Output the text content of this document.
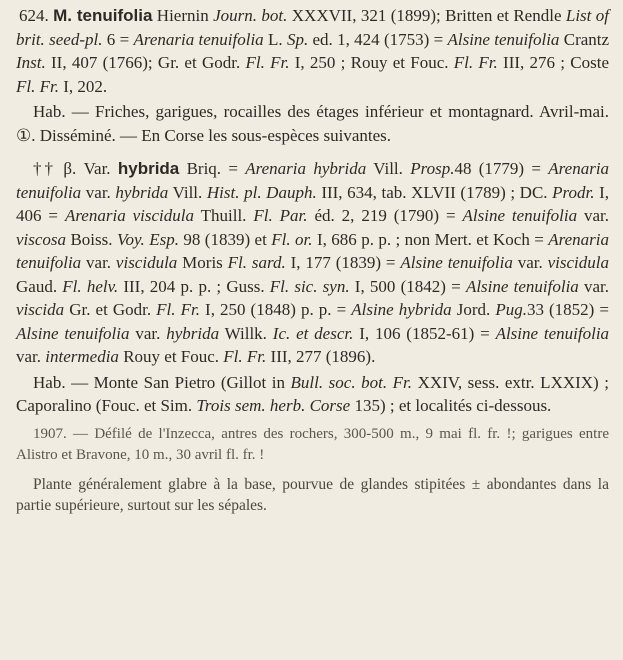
624. M. tenuifolia Hiernin Journ. bot. XXXVII, 321 (1899); Britten et Rendle List of brit. seed-pl. 6 = Arenaria tenuifolia L. Sp. ed. 1, 424 (1753) = Alsine tenuifolia Crantz Inst. II, 407 (1766); Gr. et Godr. Fl. Fr. I, 250 ; Rouy et Fouc. Fl. Fr. III, 276 ; Coste Fl. Fr. I, 202.

Hab. — Friches, garigues, rocailles des étages inférieur et montagnard. Avril-mai. ①. Disséminé. — En Corse les sous-espèces suivantes.

†† β. Var. hybrida Briq. = Arenaria hybrida Vill. Prosp.48 (1779) = Arenaria tenuifolia var. hybrida Vill. Hist. pl. Dauph. III, 634, tab. XLVII (1789) ; DC. Prodr. I, 406 = Arenaria viscidula Thuill. Fl. Par. éd. 2, 219 (1790) = Alsine tenuifolia var. viscosa Boiss. Voy. Esp. 98 (1839) et Fl. or. I, 686 p. p. ; non Mert. et Koch = Arenaria tenuifolia var. viscidula Moris Fl. sard. I, 177 (1839) = Alsine tenuifolia var. viscidula Gaud. Fl. helv. III, 204 p. p. ; Guss. Fl. sic. syn. I, 500 (1842) = Alsine tenuifolia var. viscida Gr. et Godr. Fl. Fr. I, 250 (1848) p. p. = Alsine hybrida Jord. Pug.33 (1852) = Alsine tenuifolia var. hybrida Willk. Ic. et descr. I, 106 (1852-61) = Alsine tenuifolia var. intermedia Rouy et Fouc. Fl. Fr. III, 277 (1896).

Hab. — Monte San Pietro (Gillot in Bull. soc. bot. Fr. XXIV, sess. extr. LXXIX) ; Caporalino (Fouc. et Sim. Trois sem. herb. Corse 135) ; et localités ci-dessous.

1907. — Défilé de l'Inzecca, antres des rochers, 300-500 m., 9 mai fl. fr. !; garigues entre Alistro et Bravone, 10 m., 30 avril fl. fr. !

Plante généralement glabre à la base, pourvue de glandes stipitées ± abondantes dans la partie supérieure, surtout sur les sépales.
